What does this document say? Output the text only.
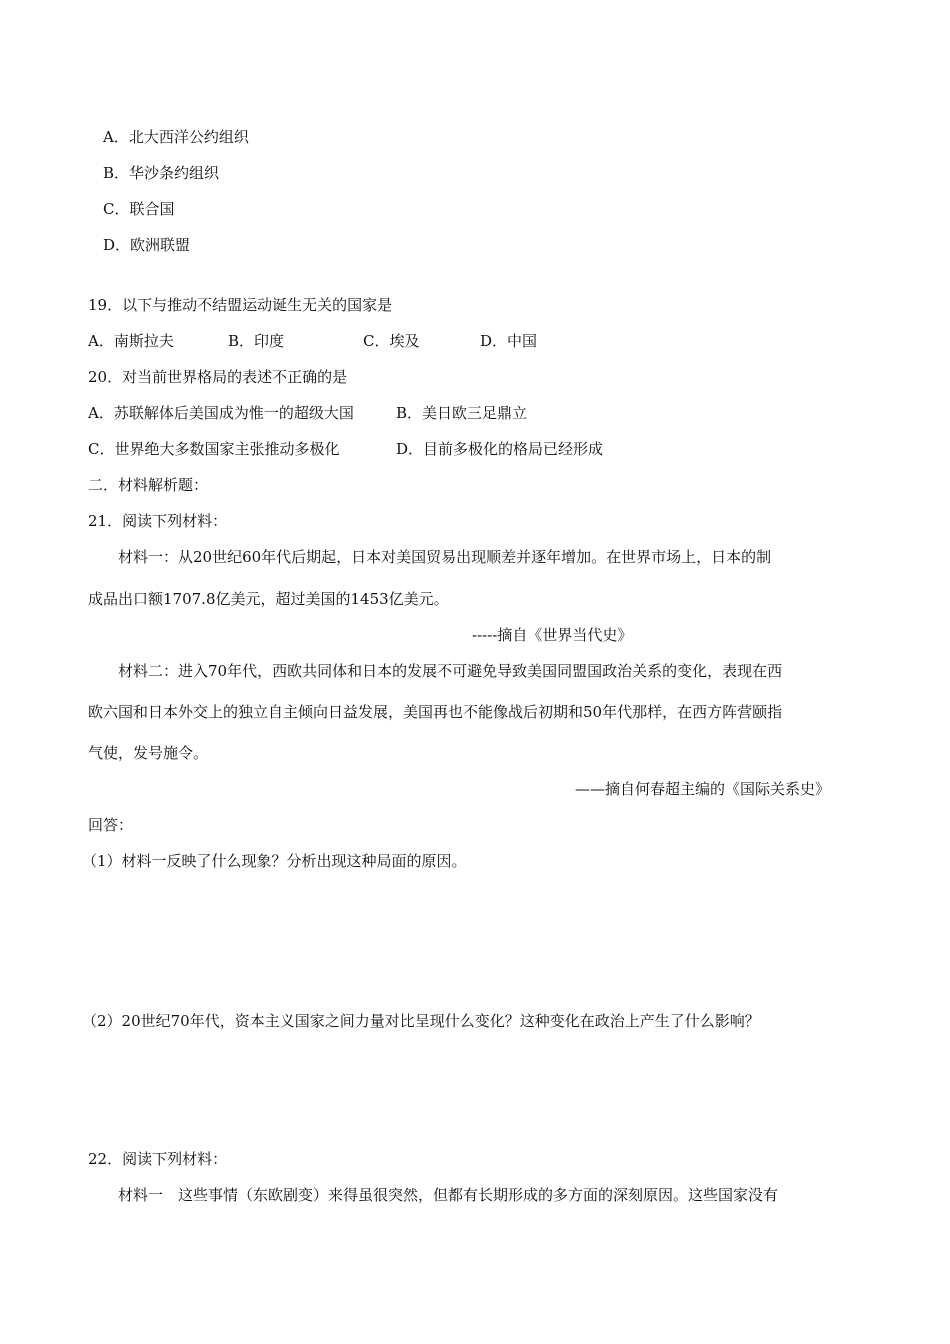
A．北大西洋公约组织
B．华沙条约组织
C．联合国
D．欧洲联盟
19．以下与推动不结盟运动诞生无关的国家是
A．南斯拉夫	B．印度	C．埃及	D．中国
20．对当前世界格局的表述不正确的是
A．苏联解体后美国成为惟一的超级大国	B．美日欧三足鼎立
C．世界绝大多数国家主张推动多极化	D．目前多极化的格局已经形成
二．材料解析题：
21．阅读下列材料：
材料一：从20世纪60年代后期起，日本对美国贸易出现顺差并逐年增加。在世界市场上，日本的制
成品出口额1707.8亿美元，超过美国的1453亿美元。
-----摘自《世界当代史》
材料二：进入70年代，西欧共同体和日本的发展不可避免导致美国同盟国政治关系的变化，表现在西
欧六国和日本外交上的独立自主倾向日益发展，美国再也不能像战后初期和50年代那样，在西方阵营颐指
气使，发号施令。
——摘自何春超主编的《国际关系史》
回答：
（1）材料一反映了什么现象？分析出现这种局面的原因。
（2）20世纪70年代，资本主义国家之间力量对比呈现什么变化？这种变化在政治上产生了什么影响？
22．阅读下列材料：
材料一　这些事情（东欧剧变）来得虽很突然，但都有长期形成的多方面的深刻原因。这些国家没有
